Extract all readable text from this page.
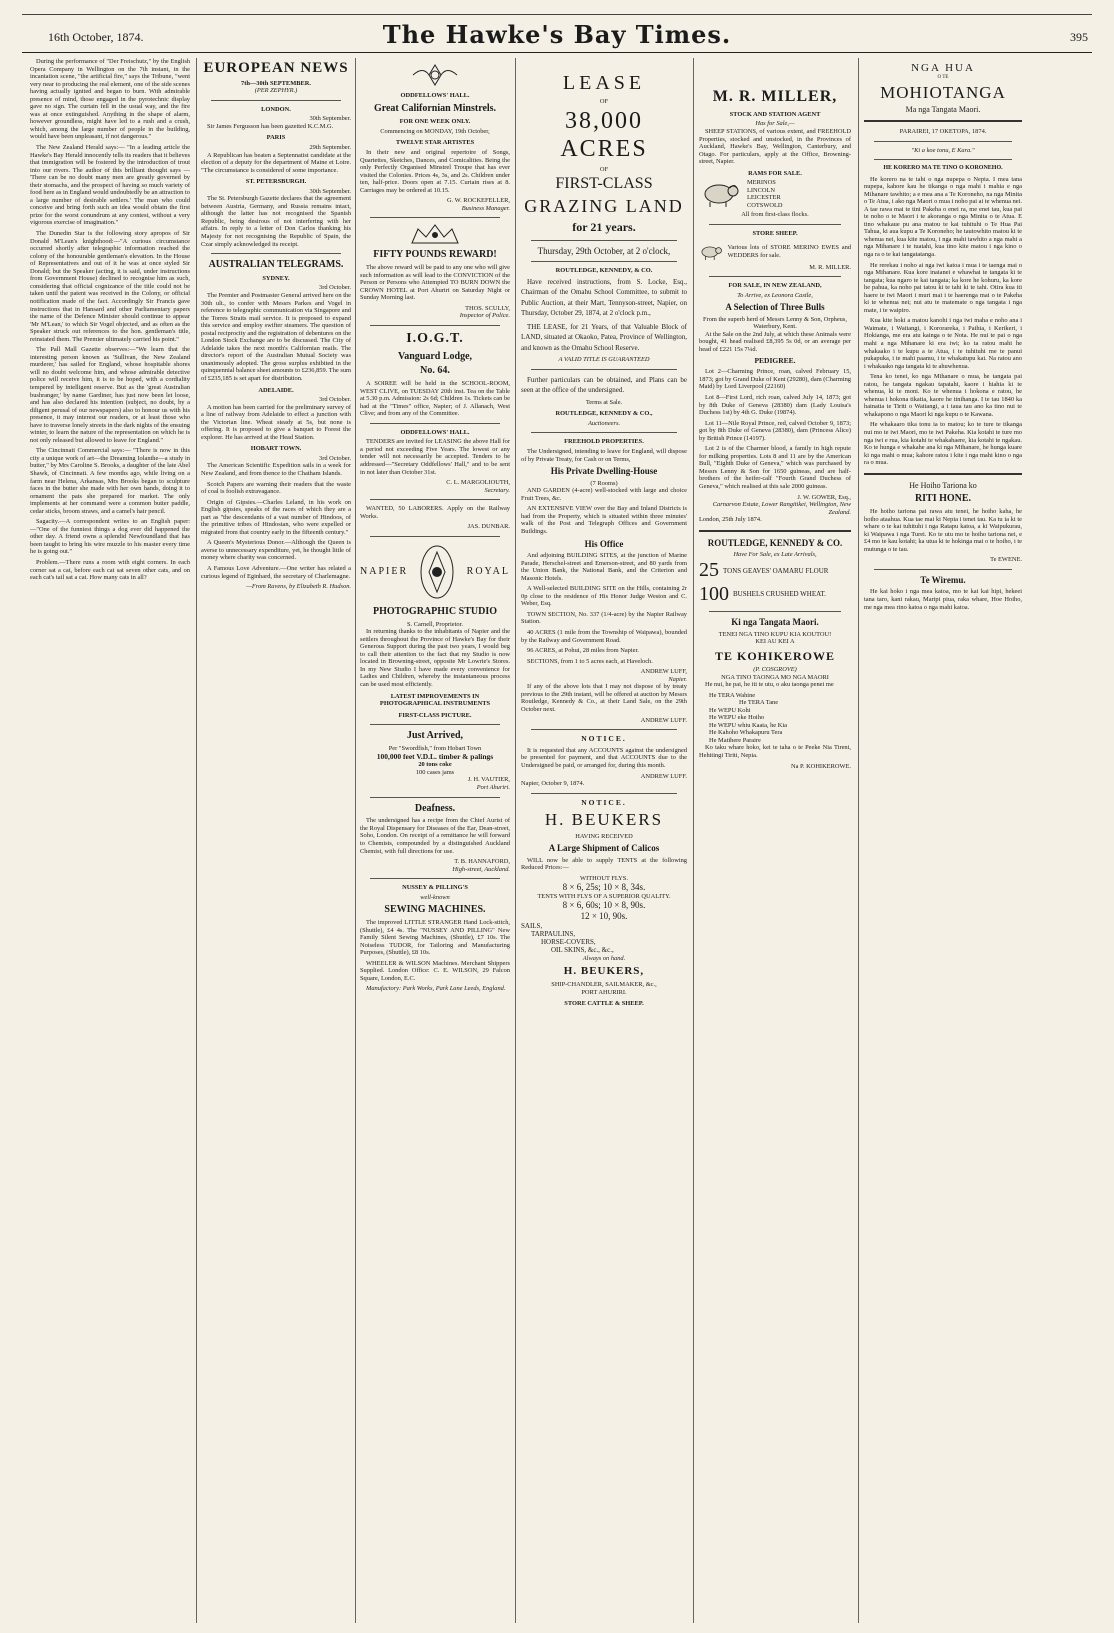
16th October, 1874.	The Hawke's Bay Times.	395

During the performance of "Der Freischutz," by the English Opera Company in Wellington on the 7th instant, in the incantation scene, "the artificial fire," says the Tribune, "went very near to producing the real element, one of the side scenes having actually ignited and began to burn. With admirable presence of mind, those engaged in the pyrotechnic display gave no sign. The curtain fell in the usual way, and the fire was at once extinguished. Anything in the shape of alarm, however groundless, might have led to a rush and a crush, which, among the large number of people in the building, would have been unpleasant, if not dangerous."

The New Zealand Herald says:— "In a leading article the Hawke's Bay Herald innocently tells its readers that it believes that immigration will be fostered by the introduction of trout into our rivers. The author of this brilliant thought says — 'There can be no doubt many men are greatly governed by their stomachs, and the prospect of having so much variety of food here as in England would undoubtedly be an attraction to a large number of desirable settlers.' The man who could conceive and bring forth such an idea would obtain the first prize for the worst conundrum at any contest, without a very vigorous exercise of imagination."

The Dunedin Star is the following story apropos of Sir Donald M'Lean's knighthood:—"A curious circumstance occurred shortly after telegraphic information reached the colony of the honourable gentleman's elevation. In the House of Representatives and out of it he was at once styled Sir Donald; but the Speaker (acting, it is said, under instructions from Government House) declined to recognise him as such, considering that official cognizance of the title could not be taken until the patent was received in the Colony, or official notification made of the fact. Accordingly Sir Francis gave instructions that in Hansard and other Parliamentary papers the name of the Defence Minister should continue to appear 'Mr M'Lean,' to which Sir Vogel objected, and as often as the Speaker struck out references to the hon. gentleman's title, reinstated them. The Premier ultimately carried his point."

The Pall Mall Gazette observes:—"We learn that the interesting person known as 'Sullivan, the New Zealand murderer,' has sailed for England, whose hospitable shores will no doubt welcome him, and whose admirable detective police will receive him, it is to be hoped, with a cordiality tempered by intelligent reserve. But as the 'great Australian bushranger,' by name Gardiner, has just now been let loose, and has also declared his intention (subject, no doubt, by a diligent perusal of our newspapers) also to honour us with his presence, it may interest our readers, or at least those who have to traverse lonely streets in the dark nights of the ensuing winter, to learn the nature of the representation on which he is not only released but allowed to leave for England."

The Cincinnati Commercial says:— "There is now in this city a unique work of art—the Dreaming Iolanthe—a study in butter," by Mrs Caroline S. Brooks, a daughter of the late Abel Shawk, of Cincinnati. A few months ago, while living on a farm near Helena, Arkansas, Mrs Brooks began to sculpture faces in the butter she made with her own hands, doing it to ornament the pats she prepared for market. The only implements at her command were a common butter paddle, cedar sticks, broom straws, and a camel's hair pencil.

Sagacity.—A correspondent writes to an English paper:—"One of the funniest things a dog ever did happened the other day. A friend owns a splendid Newfoundland that has been taught to bring his wire muzzle to his master every time he is going out."

Problem.—There runs a room with eight corners. In each corner sat a cat, before each cat sat seven other cats, and on each cat's tail sat a cat. How many cats in all?

EUROPEAN NEWS
7th—30th SEPTEMBER.
(PER ZEPHYR.)
LONDON.
30th September.

Sir James Fergusson has been gazetted K.C.M.G.

PARIS
29th September.

A Republican has beaten a Septennatist candidate at the election of a deputy for the department of Maine et Loire. "The circumstance is considered of some importance.

ST. PETERSBURGH.
30th September.

The St. Petersburgh Gazette declares that the agreement between Austria, Germany, and Russia remains intact, although the latter has not recognised the Spanish Republic, being desirous of not interfering with her affairs. In reply to a letter of Don Carlos thanking his Majesty for not recognising the Republic of Spain, the Czar simply acknowledged its receipt.

AUSTRALIAN TELEGRAMS.
SYDNEY.
3rd October.

The Premier and Postmaster General arrived here on the 30th ult., to confer with Messrs Parkes and Vogel in reference to telegraphic communication via Singapore and the Torres Straits mail service. It is proposed to expand this service and employ swifter steamers. The question of postal reciprocity and the registration of debentures on the London Stock Exchange are to be discussed. The City of Adelaide takes the next month's Californian mails. The director's report of the Australian Mutual Society was unanimously adopted. The gross surplus exhibited in the quinquennial balance sheet amounts to £236,859. The sum of £235,185 is set apart for distribution.

ADELAIDE.
3rd October.

A motion has been carried for the preliminary survey of a line of railway from Adelaide to effect a junction with the Victorian line. Wheat steady at 5s, but none is offering. It is proposed to give a banquet to Forest the explorer. He has arrived at the Head Station.

HOBART TOWN.
3rd October.

The American Scientific Expedition sails in a week for New Zealand, and from thence to the Chatham Islands.

Scotch Papers are warning their readers that the waste of coal is foolish extravagance.

Origin of Gipsies.—Charles Leland, in his work on English gipsies, speaks of the races of which they are a part as "the descendants of a vast number of Hindoos, of the primitive tribes of Hindostan, who were expelled or migrated from that country early in the fifteenth century."

A Queen's Mysterious Donor.—Although the Queen is averse to unnecessary expenditure, yet, he thought little of money where charity was concerned.

A Famous Love Adventure.—One writer has related a curious legend of Eginhard, the secretary of Charlemagne.

—From Ravens, by Elizabeth R. Hudson.

ODDFELLOWS' HALL.
Great Californian Minstrels.
FOR ONE WEEK ONLY.
Commencing on MONDAY, 19th October,
TWELVE STAR ARTISTES

In their new and original repertoire of Songs, Quartettes, Sketches, Dances, and Comicalities. Being the only Perfectly Organised Minstrel Troupe that has ever visited the Colonies. Prices 4s, 3s, and 2s. Children under ten, half-price. Doors open at 7.15. Curtain rises at 8. Carriages may be ordered at 10.15.

G. W. ROCKEFELLER,
Business Manager.
FIFTY POUNDS REWARD!

The above reward will be paid to any one who will give such information as will lead to the CONVICTION of the Person or Persons who Attempted TO BURN DOWN the CROWN HOTEL at Port Ahuriri on Saturday Night or Sunday Morning last.

THOS. SCULLY,
Inspector of Police.
I.O.G.T.
Vanguard Lodge,
No. 64.

A SOIREE will be held in the SCHOOL-ROOM, WEST CLIVE, on TUESDAY 20th inst. Tea on the Table at 5.30 p.m. Admission: 2s 6d; Children 1s. Tickets can be had at the "Times" office, Napier; of J. Allanach, West Clive; and from any of the Committee.

ODDFELLOWS' HALL.

TENDERS are invited for LEASING the above Hall for a period not exceeding Five Years. The lowest or any tender will not necessarily be accepted. Tenders to be addressed—"Secretary Oddfellows' Hall," and to be sent in not later than October 31st.

C. L. MARGOLIOUTH,
Secretary.

WANTED, 50 LABORERS. Apply on the Railway Works.

JAS. DUNBAR.
NAPIER	ROYAL
PHOTOGRAPHIC STUDIO
S. Carnell, Proprietor.

In returning thanks to the inhabitants of Napier and the settlers throughout the Province of Hawke's Bay for their Generous Support during the past two years, I would beg to call their attention to the fact that my Studio is now located in Browning-street, opposite Mr Lowrie's Stores. In my New Studio I have made every convenience for Ladies and Children, whereby the instantaneous process can be used most efficiently.

LATEST IMPROVEMENTS IN PHOTOGRAPHICAL INSTRUMENTS
FIRST-CLASS PICTURE.
Just Arrived,
Per "Swordfish," from Hobart Town
100,000 feet V.D.L. timber & palings
20 tons coke
100 cases jams
J. H. VAUTIER,
Port Ahuriri.
Deafness.

The undersigned has a recipe from the Chief Aurist of the Royal Dispensary for Diseases of the Ear, Dean-street, Soho, London. On receipt of a remittance he will forward to Chemists, compounded by a distinguished Auckland Chemist, with full directions for use.

T. B. HANNAFORD,
High-street, Auckland.
NUSSEY & PILLING'S
well-known
SEWING MACHINES.

The improved LITTLE STRANGER Hand Lock-stitch, (Shuttle), £4 4s. The "NUSSEY AND PILLING" New Family Silent Sewing Machines, (Shuttle), £7 10s. The Noiseless TUDOR, for Tailoring and Manufacturing Purposes, (Shuttle), £8 10s.

WHEELER & WILSON Machines. Merchant Shippers Supplied. London Office: C. E. WILSON, 29 Falcon Square, London, E.C.

Manufactory: Park Works, Park Lane Leeds, England.

LEASE
OF
38,000 ACRES
OF
FIRST-CLASS
GRAZING LAND
for 21 years.
Thursday, 29th October, at 2 o'clock,
ROUTLEDGE, KENNEDY, & CO.

Have received instructions, from S. Locke, Esq., Chairman of the Omahu School Committee, to submit to Public Auction, at their Mart, Tennyson-street, Napier, on Thursday, October 29, 1874, at 2 o'clock p.m.,

THE LEASE, for 21 Years, of that Valuable Block of LAND, situated at Okaoko, Patea, Province of Wellington, and known as the Omahu School Reserve.

A VALID TITLE IS GUARANTEED

Further particulars can be obtained, and Plans can be seen at the office of the undersigned.

Terms at Sale.
ROUTLEDGE, KENNEDY & CO.,
Auctioneers.
FREEHOLD PROPERTIES.

The Undersigned, intending to leave for England, will dispose of by Private Treaty, for Cash or on Terms,

His Private Dwelling-House
(7 Rooms)

AND GARDEN (4-acre) well-stocked with large and choice Fruit Trees, &c.

AN EXTENSIVE VIEW over the Bay and Inland Districts is had from the Property, which is situated within three minutes' walk of the Post and Telegraph Offices and Government Buildings.

His Office

And adjoining BUILDING SITES, at the junction of Marine Parade, Herschel-street and Emerson-street, and 80 yards from the Union Bank, the National Bank, and the Criterion and Masonic Hotels.

A Well-selected BUILDING SITE on the Hills, containing 2r 0p close to the residence of His Honor Judge Weston and C. Weber, Esq.

TOWN SECTION, No. 337 (1/4-acre) by the Napier Railway Station.

40 ACRES (1 mile from the Township of Waipawa), bounded by the Railway and Government Road.

96 ACRES, at Pohui, 28 miles from Napier.

SECTIONS, from 1 to 5 acres each, at Haveloch.

ANDREW LUFF,
Napier.

If any of the above lots that I may not dispose of by treaty previous to the 29th instant, will be offered at auction by Messrs Routledge, Kennedy & Co., at their Land Sale, on the 29th October next.

ANDREW LUFF.
NOTICE.

It is requested that any ACCOUNTS against the undersigned be presented for payment, and that ACCOUNTS due to the Undersigned be paid, or arranged for, during this month.

ANDREW LUFF.
Napier, October 9, 1874.
NOTICE.
H. BEUKERS
HAVING RECEIVED
A Large Shipment of Calicos

WILL now be able to supply TENTS at the following Reduced Prices:—

WITHOUT FLYS.
8 × 6, 25s; 10 × 8, 34s.
TENTS WITH FLYS OF A SUPERIOR QUALITY.
8 × 6, 60s; 10 × 8, 90s.
12 × 10, 90s.
SAILS,
TARPAULINS,
HORSE-COVERS,
OIL SKINS, &c., &c.,
Always on hand.
H. BEUKERS,
SHIP-CHANDLER, SAILMAKER, &c.,
PORT AHURIRI.
STORE CATTLE & SHEEP.
M. R. MILLER,
STOCK AND STATION AGENT
Has for Sale,—

SHEEP STATIONS, of various extent, and FREEHOLD Properties, stocked and unstocked, in the Provinces of Auckland, Hawke's Bay, Wellington, Canterbury, and Otago. For particulars, apply at the Office, Browning-street, Napier.

RAMS FOR SALE.
MERINOS
LINCOLN
LEICESTER
COTSWOLD
All from first-class flocks.
STORE SHEEP.
Various lots of STORE MERINO EWES and WEDDERS for sale.
M. R. MILLER.
FOR SALE, IN NEW ZEALAND,
To Arrive, ex Leonora Castle,
A Selection of Three Bulls
From the superb herd of Messrs Lenny & Son, Orpheus, Waterbury, Kent.

At the Sale on the 2nd July, at which these Animals were bought, 41 head realised £8,395 5s 0d, or an average per head of £221 15s 7¼d.

PEDIGREE.

Lot 2—Charming Prince, roan, calved February 15, 1873; got by Grand Duke of Kent (29280), dam (Charming Maid) by Lord Liverpool (22160)

Lot 8—First Lord, rich roan, calved July 14, 1873; got by 8th Duke of Geneva (28380) dam (Lady Louisa's Duchess 1st) by 4th G. Duke (19874).

Lot 11—Nile Royal Prince, red, calved October 9, 1873; got by 8th Duke of Geneva (28380), dam (Princess Alice) by British Prince (14197).

Lot 2 is of the Charmer blood, a family in high repute for milking properties. Lots 8 and 11 are by the American Bull, "Eighth Duke of Geneva," which was purchased by Messrs Lenny & Son for 1650 guineas, and are half-brothers of the heifer-calf "Fourth Grand Duchess of Geneva," which realised at this sale 2000 guineas.

J. W. GOWER, Esq.,
Carnarvon Estate, Lower Rangitikei, Wellington, New Zealand.
London, 25th July 1874.
ROUTLEDGE, KENNEDY & CO.
Have For Sale, ex Late Arrivals,
25 TONS GEAVES' OAMARU FLOUR
100 BUSHELS CRUSHED WHEAT.
Ki nga Tangata Maori.
TENEI NGA TINO KUPU KIA KOUTOU!
KEI AU KEI A
TE KOHIKEROWE
(P. COSGROVE)
NGA TINO TAONGA MO NGA MAORI

He nui, he pai, he iti te utu, o aku taonga penei me

He TERA Wahine
He TERA Tane
He WEPU Kohi
He WEPU eke Hoiho
He WEPU whiu Kaata, he Kia
He Kahoho Whakapuru Tera
He Matihere Paraire

Ko taku whare hoko, kei te taha o te Peeke Nia Tireni, Hehitingi Tiriti, Nepia.

Na P. KOHIKEROWE.
NGA HUA
O TE
MOHIOTANGA
Ma nga Tangata Maori.
PARAIREI, 17 OKETOPA, 1874.
"Ki a koe tonu, E Kara."
HE KORERO MA TE TINO O KORONEHO.

He korero na te tahi o nga nupepa o Nepia. I mea tana nupepa, kahore kau he tikanga o nga mahi i mahia e nga Mihanare tawhito; a e mea ana a Te Koroneho, na nga Minita o Te Atua, i ako nga Maori o mua i noho pai ai te whenua nei. A tae rawa mai te tini Pakeha o enei ra, me enei tau, kua pai te noho o te Maori i te akoranga o nga Minita o te Atua. E tino whakaue pu ana matou te kai tuhituhi o Te Hua Pai Tahua, ki aua kupu a Te Koroneho; he tautowhito matou ki te whenua nei, kua kite matou, i nga mahi tawhito a nga mahi a nga Mihanare i te tuatahi, kua tino kite matou i nga kino o nga ra o te kai tangatatanga.

He rerekau i noho ai nga iwi katoa i mua i te taenga mai o nga Mihanare. Kua kore inaianei e whawhai te tangata ki te tangata; kua ngaro te kai tangata; ka kore he kohuru, ka kore he pahua, ka noho pai tatou ki te tahi ki te tahi. Otira kua iti haere te iwi Maori i muri mai i te haerenga mai o te Pakeha ki te whenua nei; nui atu te matemate o nga tangata i nga mate, i te waipiro.

Kua kite hoki a matou kanohi i nga iwi maha e noho ana i Waimate, i Waitangi, i Kororareka, i Paihia, i Kerikeri, i Hokianga, me era atu kainga o te Nota. He nui te pai o nga mahi a nga Mihanare ki era iwi; ko ta ratou mahi he whakaako i te kupu a te Atua, i te tuhituhi me te panui pukapuka, i te mahi paamu, i te whakatupu kai. Na ratou ano i whakaako nga tangata ki te ahuwhenua.

Tena ko tenei, ko nga Mihanare o mua, he tangata pai ratou, he tangata ngakau tapatahi, kaore i hiahia ki te whenua, ki te moni. Ko te whenua i hokona e ratou, he whenua i hokona tikatia, kaore he tinihanga. I te tau 1840 ka hainatia te Tiriti o Waitangi, a i taua tau ano ka tino nui te whakapono o nga Maori ki nga kupu o te Kawana.

He whakaaro tika tonu ia to matou; ko te ture te tikanga nui mo te iwi Maori, mo te iwi Pakeha. Kia kotahi te ture mo nga iwi e rua, kia kotahi te whakahaere, kia kotahi te ngakau. Ko te hunga e whakahe ana ki nga Mihanare, he hunga kuare ki nga mahi o mua; kahore ratou i kite i nga mahi kino o nga ra o mua.

He Hoiho Tariona ko
RITI HONE.

He hoiho tariona pai rawa atu tenei, he hoiho kaha, he hoiho ataahua. Kua tae mai ki Nepia i tenei tau. Ka tu ia ki te whare o te kai tuhituhi i nga Ratapu katoa, a ki Waipukurau, ki Waipawa i nga Turei. Ko te utu mo te hoiho tariona nei, e £4 mo te kau kotahi; ka utua ki te hokinga mai o te hoiho, i te mutunga o te tau.

Te EWENE.
Te Wiremu.

He kai hoko i nga mea katoa, mo te kai kai hipi, hekeei tana taro, kani rakau, Maripi piua, raka whare, Hoe Hoiho, me nga mea rino katoa o nga mahi katoa.
